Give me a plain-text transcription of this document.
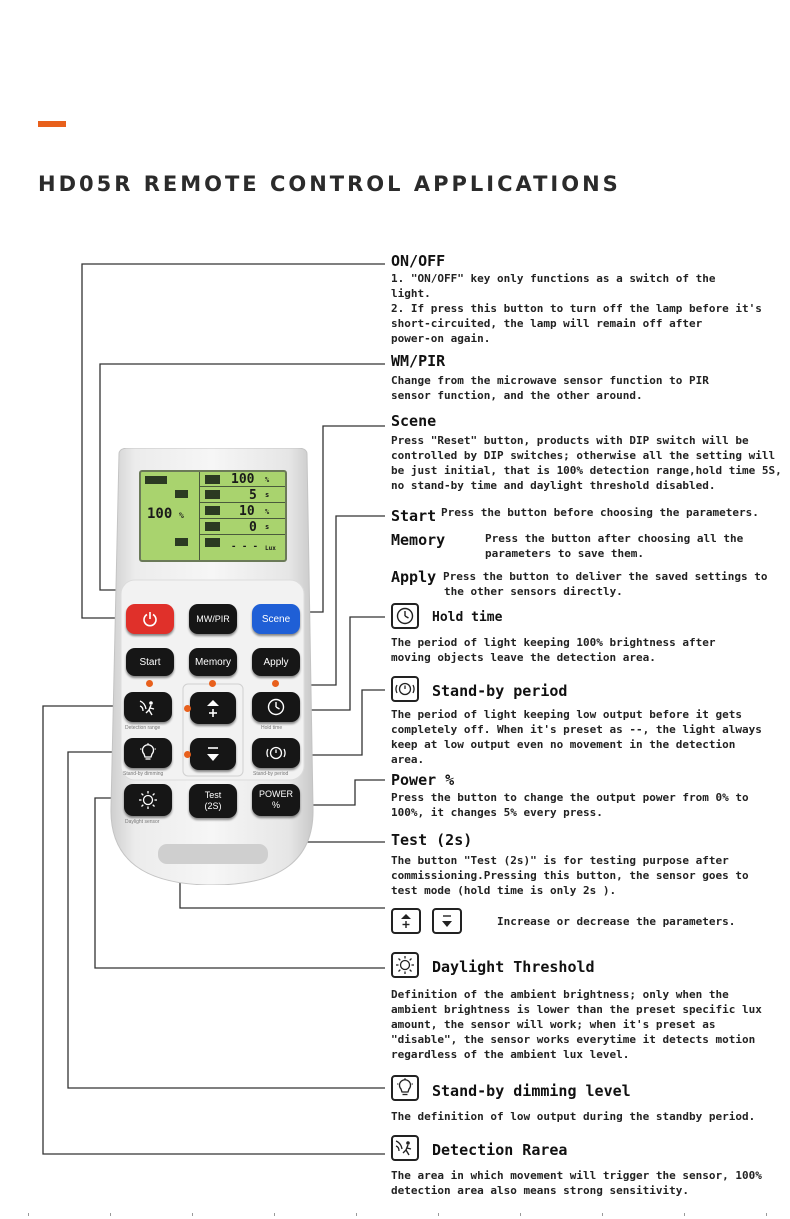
HD05R REMOTE CONTROL APPLICATIONS
100 %
5 s
100 %	10 %
0 s
- - - Lux
MW/PIR	Scene
Start	Memory	Apply
Detection range	Hold time
Stand-by dimming	Stand-by period
Daylight sensor
Test
(2S)
POWER
%
ON/OFF
1. "ON/OFF" key only functions as a switch of the
light.
2. If press this button to turn off the lamp before it's
short-circuited, the lamp will remain off after
power-on again.
WM/PIR
Change from the microwave sensor function to PIR
sensor function, and the other around.
Scene
Press "Reset" button, products with DIP switch will be
controlled by DIP switches; otherwise all the setting will
be just initial, that is 100% detection range,hold time 5S,
no stand-by time and daylight threshold disabled.
Start Press the button before choosing the parameters.
Memory	Press the button after choosing all the
parameters to save them.
Apply Press the button to deliver the saved settings to
the other sensors directly.
Hold time
The period of light keeping 100% brightness after
moving objects leave the detection area.
Stand-by period
The period of light keeping low output before it gets
completely off. When it's preset as --, the light always
keep at low output even no movement in the detection
area.
Power %
Press the button to change the output power from 0% to
100%, it changes 5% every press.
Test (2s)
The button "Test (2s)" is for testing purpose after
commissioning.Pressing this button, the sensor goes to
test mode (hold time is only 2s ).
Increase or decrease the parameters.
Daylight Threshold
Definition of the ambient brightness; only when the
ambient brightness is lower than the preset specific lux
amount, the sensor will work; when it's preset as
"disable", the sensor works everytime it detects motion
regardless of the ambient lux level.
Stand-by dimming level
The definition of low output during the standby period.
Detection Rarea
The area in which movement will trigger the sensor, 100%
detection area also means strong sensitivity.
